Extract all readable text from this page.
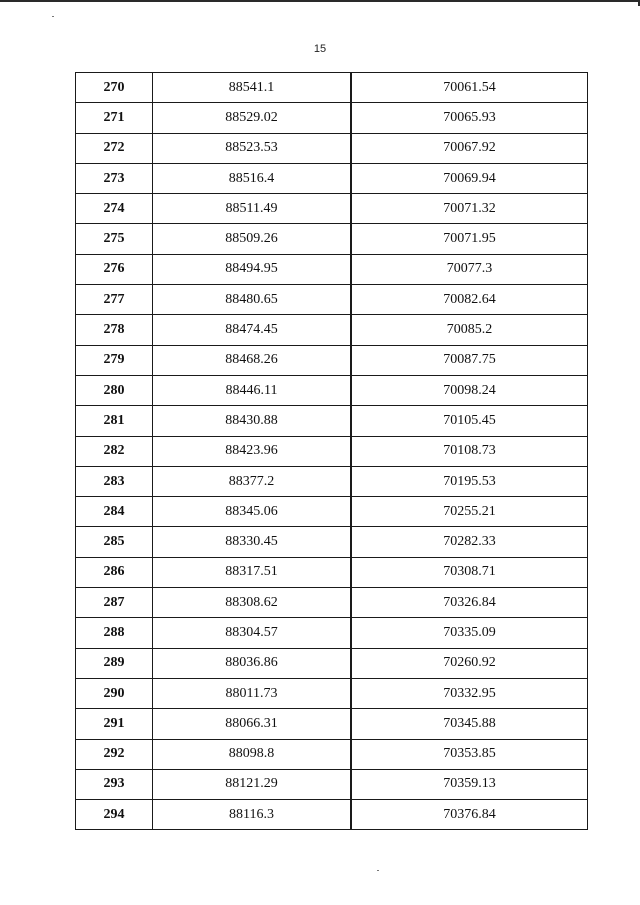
15
270	88541.1	70061.54
271	88529.02	70065.93
272	88523.53	70067.92
273	88516.4	70069.94
274	88511.49	70071.32
275	88509.26	70071.95
276	88494.95	70077.3
277	88480.65	70082.64
278	88474.45	70085.2
279	88468.26	70087.75
280	88446.11	70098.24
281	88430.88	70105.45
282	88423.96	70108.73
283	88377.2	70195.53
284	88345.06	70255.21
285	88330.45	70282.33
286	88317.51	70308.71
287	88308.62	70326.84
288	88304.57	70335.09
289	88036.86	70260.92
290	88011.73	70332.95
291	88066.31	70345.88
292	88098.8	70353.85
293	88121.29	70359.13
294	88116.3	70376.84
